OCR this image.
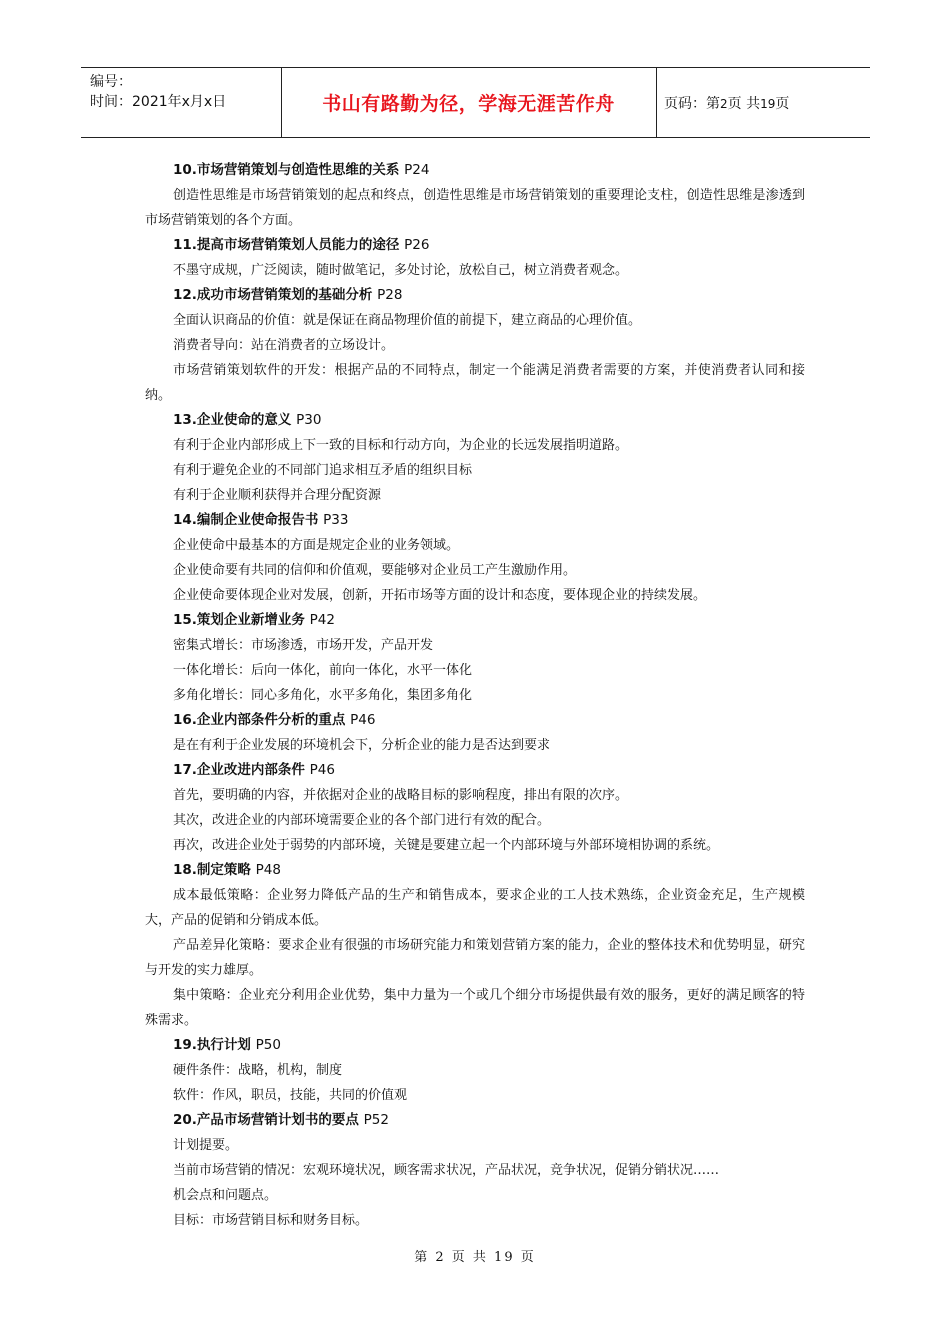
编号：
时间：2021年x月x日	书山有路勤为径，学海无涯苦作舟	页码：第2页 共19页
10.市场营销策划与创造性思维的关系 P24
创造性思维是市场营销策划的起点和终点，创造性思维是市场营销策划的重要理论支柱，创造性思维是渗透到市场营销策划的各个方面。
11.提高市场营销策划人员能力的途径 P26
不墨守成规，广泛阅读，随时做笔记，多处讨论，放松自己，树立消费者观念。
12.成功市场营销策划的基础分析 P28
全面认识商品的价值：就是保证在商品物理价值的前提下，建立商品的心理价值。
消费者导向：站在消费者的立场设计。
市场营销策划软件的开发：根据产品的不同特点，制定一个能满足消费者需要的方案，并使消费者认同和接纳。
13.企业使命的意义 P30
有利于企业内部形成上下一致的目标和行动方向，为企业的长远发展指明道路。
有利于避免企业的不同部门追求相互矛盾的组织目标
有利于企业顺利获得并合理分配资源
14.编制企业使命报告书 P33
企业使命中最基本的方面是规定企业的业务领域。
企业使命要有共同的信仰和价值观，要能够对企业员工产生激励作用。
企业使命要体现企业对发展，创新，开拓市场等方面的设计和态度，要体现企业的持续发展。
15.策划企业新增业务 P42
密集式增长：市场渗透，市场开发，产品开发
一体化增长：后向一体化，前向一体化，水平一体化
多角化增长：同心多角化，水平多角化，集团多角化
16.企业内部条件分析的重点 P46
是在有利于企业发展的环境机会下，分析企业的能力是否达到要求
17.企业改进内部条件 P46
首先，要明确的内容，并依据对企业的战略目标的影响程度，排出有限的次序。
其次，改进企业的内部环境需要企业的各个部门进行有效的配合。
再次，改进企业处于弱势的内部环境，关键是要建立起一个内部环境与外部环境相协调的系统。
18.制定策略 P48
成本最低策略：企业努力降低产品的生产和销售成本，要求企业的工人技术熟练，企业资金充足，生产规模大，产品的促销和分销成本低。
产品差异化策略：要求企业有很强的市场研究能力和策划营销方案的能力，企业的整体技术和优势明显，研究与开发的实力雄厚。
集中策略：企业充分利用企业优势，集中力量为一个或几个细分市场提供最有效的服务，更好的满足顾客的特殊需求。
19.执行计划 P50
硬件条件：战略，机构，制度
软件：作风，职员，技能，共同的价值观
20.产品市场营销计划书的要点 P52
计划提要。
当前市场营销的情况：宏观环境状况，顾客需求状况，产品状况，竞争状况，促销分销状况……
机会点和问题点。
目标：市场营销目标和财务目标。
第 2 页 共 19 页
